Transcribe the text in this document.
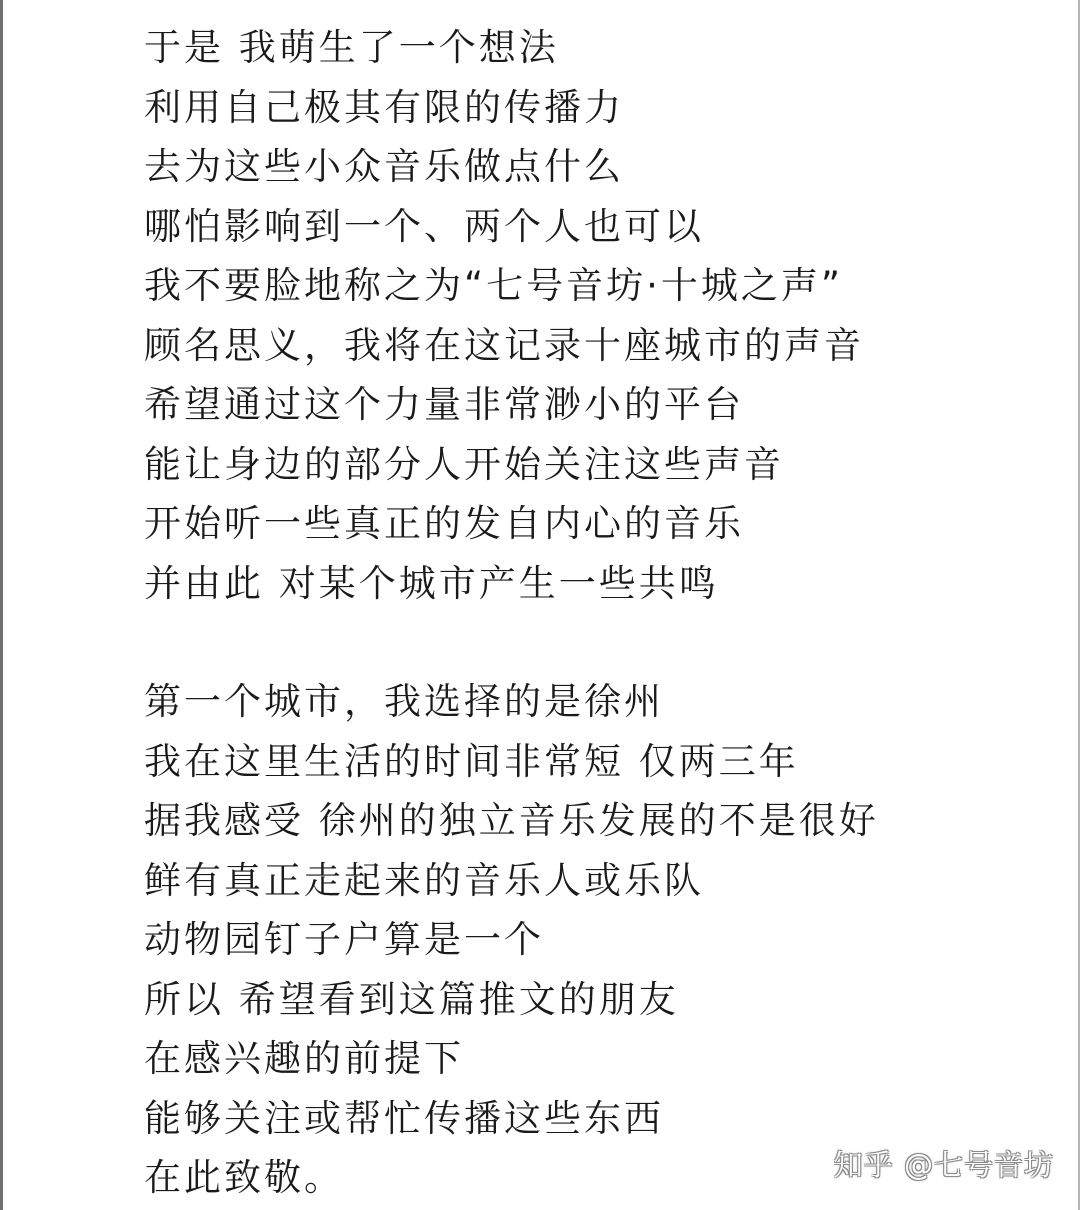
于是 我萌生了一个想法
利用自己极其有限的传播力
去为这些小众音乐做点什么
哪怕影响到一个、两个人也可以
我不要脸地称之为“七号音坊·十城之声”
顾名思义，我将在这记录十座城市的声音
希望通过这个力量非常渺小的平台
能让身边的部分人开始关注这些声音
开始听一些真正的发自内心的音乐
并由此 对某个城市产生一些共鸣
第一个城市，我选择的是徐州
我在这里生活的时间非常短 仅两三年
据我感受 徐州的独立音乐发展的不是很好
鲜有真正走起来的音乐人或乐队
动物园钉子户算是一个
所以 希望看到这篇推文的朋友
在感兴趣的前提下
能够关注或帮忙传播这些东西
在此致敬。	知乎 @七号音坊
